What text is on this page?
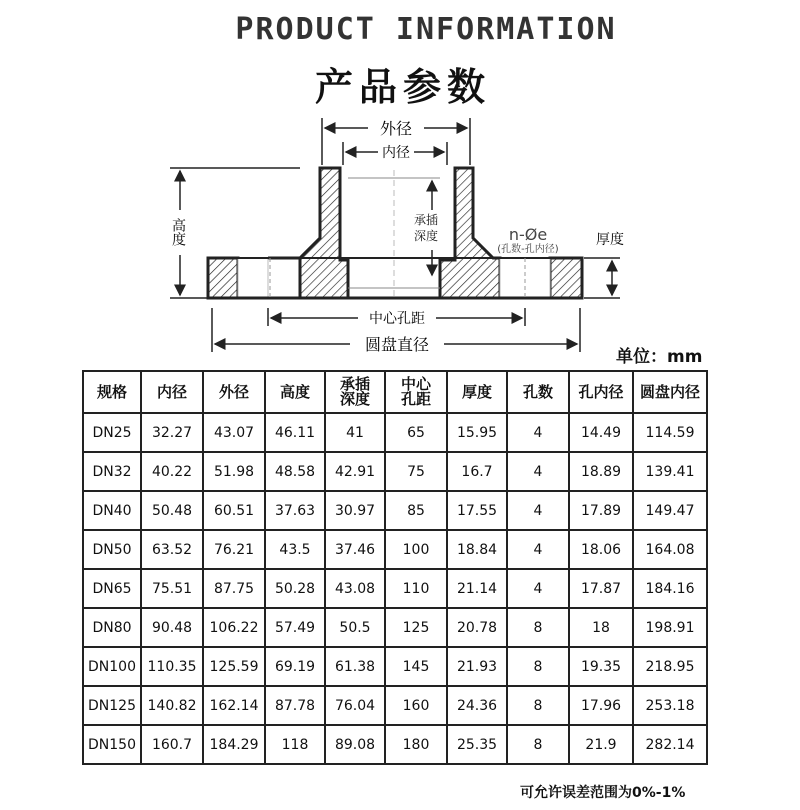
PRODUCT INFORMATION
产品参数
外径
内径
高度	承插深度	n-Øe
(孔数-孔内径)
厚度
中心孔距
圆盘直径
单位：mm
规格	内径	外径	高度	承插深度	中心孔距	厚度	孔数	孔内径	圆盘内径
DN25	32.27	43.07	46.11	41	65	15.95	4	14.49	114.59
DN32	40.22	51.98	48.58	42.91	75	16.7	4	18.89	139.41
DN40	50.48	60.51	37.63	30.97	85	17.55	4	17.89	149.47
DN50	63.52	76.21	43.5	37.46	100	18.84	4	18.06	164.08
DN65	75.51	87.75	50.28	43.08	110	21.14	4	17.87	184.16
DN80	90.48	106.22	57.49	50.5	125	20.78	8	18	198.91
DN100	110.35	125.59	69.19	61.38	145	21.93	8	19.35	218.95
DN125	140.82	162.14	87.78	76.04	160	24.36	8	17.96	253.18
DN150	160.7	184.29	118	89.08	180	25.35	8	21.9	282.14
可允许误差范围为0%-1%
